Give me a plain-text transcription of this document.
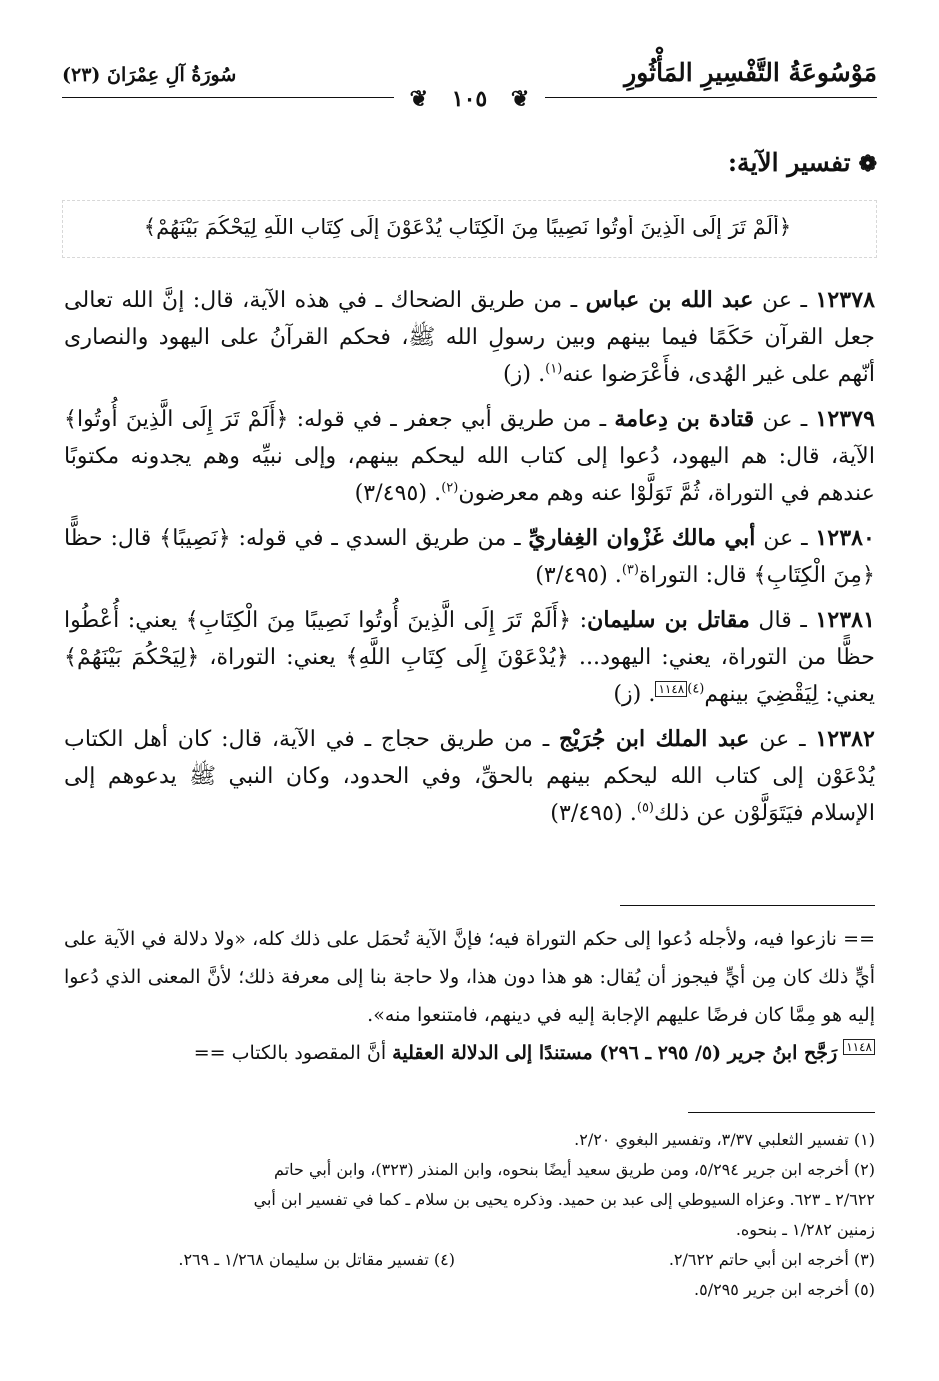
مَوْسُوعَةُ التَّفْسِيرِ المَأْثُورِ
سُورَةُ آلِ عِمْرَانَ (٢٣)
❦ ١٠٥ ❦
❁تفسير الآية:
﴿أَلَمْ تَرَ إِلَى الَّذِينَ أُوتُوا نَصِيبًا مِنَ الْكِتَابِ يُدْعَوْنَ إِلَى كِتَابِ اللَّهِ لِيَحْكُمَ بَيْنَهُمْ﴾

١٢٣٧٨ ـ عن عبد الله بن عباس ـ من طريق الضحاك ـ في هذه الآية، قال: إنَّ الله تعالى جعل القرآن حَكَمًا فيما بينهم وبين رسولِ الله ﷺ، فحكم القرآنُ على اليهود والنصارى أنّهم على غير الهُدى، فأَعْرَضوا عنه$^{(١)}$. (ز)

١٢٣٧٩ ـ عن قتادة بن دِعامة ـ من طريق أبي جعفر ـ في قوله: ﴿أَلَمْ تَرَ إِلَى الَّذِينَ أُوتُوا﴾ الآية، قال: هم اليهود، دُعوا إلى كتاب الله ليحكم بينهم، وإلى نبيِّه وهم يجدونه مكتوبًا عندهم في التوراة، ثُمَّ تَوَلَّوْا عنه وهم معرضون$^{(٢)}$. (٣/٤٩٥)

١٢٣٨٠ ـ عن أبي مالك غَزْوان الغِفاريِّ ـ من طريق السدي ـ في قوله: ﴿نَصِيبًا﴾ قال: حظًّا ﴿مِنَ الْكِتَابِ﴾ قال: التوراة$^{(٣)}$. (٣/٤٩٥)

١٢٣٨١ ـ قال مقاتل بن سليمان: ﴿أَلَمْ تَرَ إِلَى الَّذِينَ أُوتُوا نَصِيبًا مِنَ الْكِتَابِ﴾ يعني: أُعْطُوا حظًّا من التوراة، يعني: اليهود... ﴿يُدْعَوْنَ إِلَى كِتَابِ اللَّهِ﴾ يعني: التوراة، ﴿لِيَحْكُمَ بَيْنَهُمْ﴾ يعني: لِيَقْضِيَ بينهم$^{(٤)}$١١٤٨. (ز)

١٢٣٨٢ ـ عن عبد الملك ابن جُرَيْج ـ من طريق حجاج ـ في الآية، قال: كان أهل الكتاب يُدْعَوْن إلى كتاب الله ليحكم بينهم بالحقِّ، وفي الحدود، وكان النبي ﷺ يدعوهم إلى الإسلام فيَتَوَلَّوْن عن ذلك$^{(٥)}$. (٣/٤٩٥)

== نازعوا فيه، ولأجله دُعوا إلى حكم التوراة فيه؛ فإنَّ الآية تُحمَل على ذلك كله، «ولا دلالة في الآية على أيٍّ ذلك كان مِن أيٍّ فيجوز أن يُقال: هو هذا دون هذا، ولا حاجة بنا إلى معرفة ذلك؛ لأنَّ المعنى الذي دُعوا إليه هو مِمَّا كان فرضًا عليهم الإجابة إليه في دينهم، فامتنعوا منه».

١١٤٨ رَجَّح ابنُ جرير (٥/ ٢٩٥ ـ ٢٩٦) مستندًا إلى الدلالة العقلية أنَّ المقصود بالكتاب ==

(١) تفسير الثعلبي ٣/٣٧، وتفسير البغوي ٢/٢٠.

(٢) أخرجه ابن جرير ٥/٢٩٤، ومن طريق سعيد أيضًا بنحوه، وابن المنذر (٣٢٣)، وابن أبي حاتم

٢/٦٢٢ ـ ٦٢٣. وعزاه السيوطي إلى عبد بن حميد. وذكره يحيى بن سلام ـ كما في تفسير ابن أبي

زمنين ١/٢٨٢ ـ بنحوه.

(٣) أخرجه ابن أبي حاتم ٢/٦٢٢.
(٤) تفسير مقاتل بن سليمان ١/٢٦٨ ـ ٢٦٩.

(٥) أخرجه ابن جرير ٥/٢٩٥.
